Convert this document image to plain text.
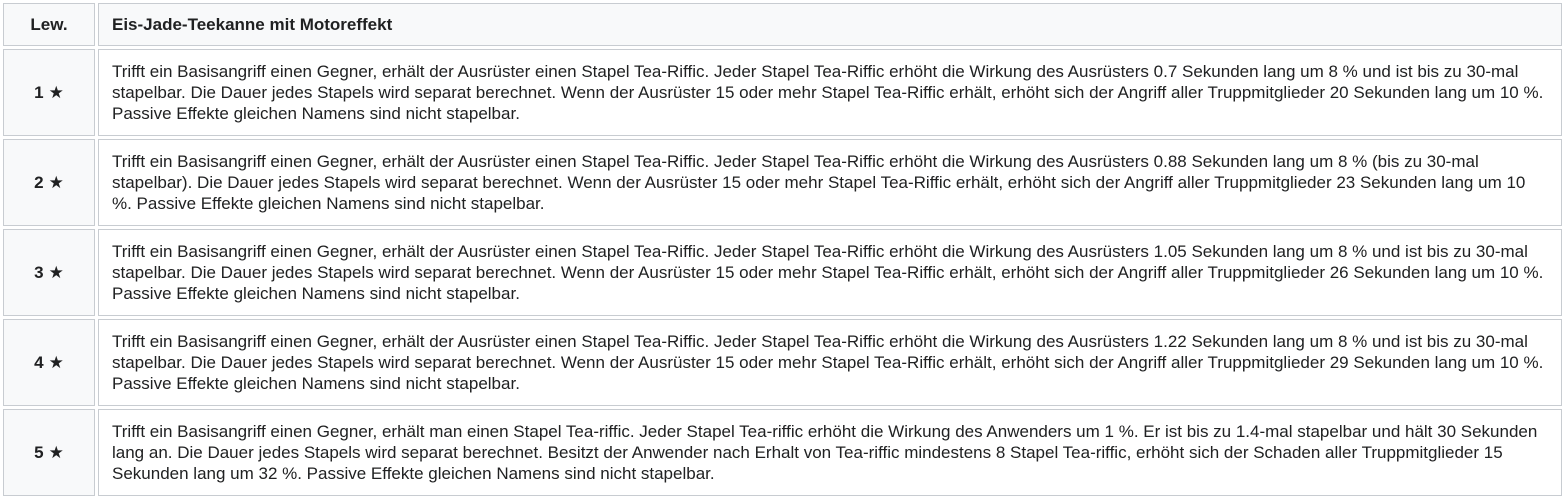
Lew.	Eis-Jade-Teekanne mit Motoreffekt
1 ★	Trifft ein Basisangriff einen Gegner, erhält der Ausrüster einen Stapel Tea-Riffic. Jeder Stapel Tea-Riffic erhöht die Wirkung des Ausrüsters 0.7 Sekunden lang um 8 % und ist bis zu 30-mal stapelbar. Die Dauer jedes Stapels wird separat berechnet. Wenn der Ausrüster 15 oder mehr Stapel Tea-Riffic erhält, erhöht sich der Angriff aller Truppmitglieder 20 Sekunden lang um 10 %. Passive Effekte gleichen Namens sind nicht stapelbar.
2 ★	Trifft ein Basisangriff einen Gegner, erhält der Ausrüster einen Stapel Tea-Riffic. Jeder Stapel Tea-Riffic erhöht die Wirkung des Ausrüsters 0.88 Sekunden lang um 8 % (bis zu 30-mal stapelbar). Die Dauer jedes Stapels wird separat berechnet. Wenn der Ausrüster 15 oder mehr Stapel Tea-Riffic erhält, erhöht sich der Angriff aller Truppmitglieder 23 Sekunden lang um 10 %. Passive Effekte gleichen Namens sind nicht stapelbar.
3 ★	Trifft ein Basisangriff einen Gegner, erhält der Ausrüster einen Stapel Tea-Riffic. Jeder Stapel Tea-Riffic erhöht die Wirkung des Ausrüsters 1.05 Sekunden lang um 8 % und ist bis zu 30-mal stapelbar. Die Dauer jedes Stapels wird separat berechnet. Wenn der Ausrüster 15 oder mehr Stapel Tea-Riffic erhält, erhöht sich der Angriff aller Truppmitglieder 26 Sekunden lang um 10 %. Passive Effekte gleichen Namens sind nicht stapelbar.
4 ★	Trifft ein Basisangriff einen Gegner, erhält der Ausrüster einen Stapel Tea-Riffic. Jeder Stapel Tea-Riffic erhöht die Wirkung des Ausrüsters 1.22 Sekunden lang um 8 % und ist bis zu 30-mal stapelbar. Die Dauer jedes Stapels wird separat berechnet. Wenn der Ausrüster 15 oder mehr Stapel Tea-Riffic erhält, erhöht sich der Angriff aller Truppmitglieder 29 Sekunden lang um 10 %. Passive Effekte gleichen Namens sind nicht stapelbar.
5 ★	Trifft ein Basisangriff einen Gegner, erhält man einen Stapel Tea-riffic. Jeder Stapel Tea-riffic erhöht die Wirkung des Anwenders um 1 %. Er ist bis zu 1.4-mal stapelbar und hält 30 Sekunden lang an. Die Dauer jedes Stapels wird separat berechnet. Besitzt der Anwender nach Erhalt von Tea-riffic mindestens 8 Stapel Tea-riffic, erhöht sich der Schaden aller Truppmitglieder 15 Sekunden lang um 32 %. Passive Effekte gleichen Namens sind nicht stapelbar.
